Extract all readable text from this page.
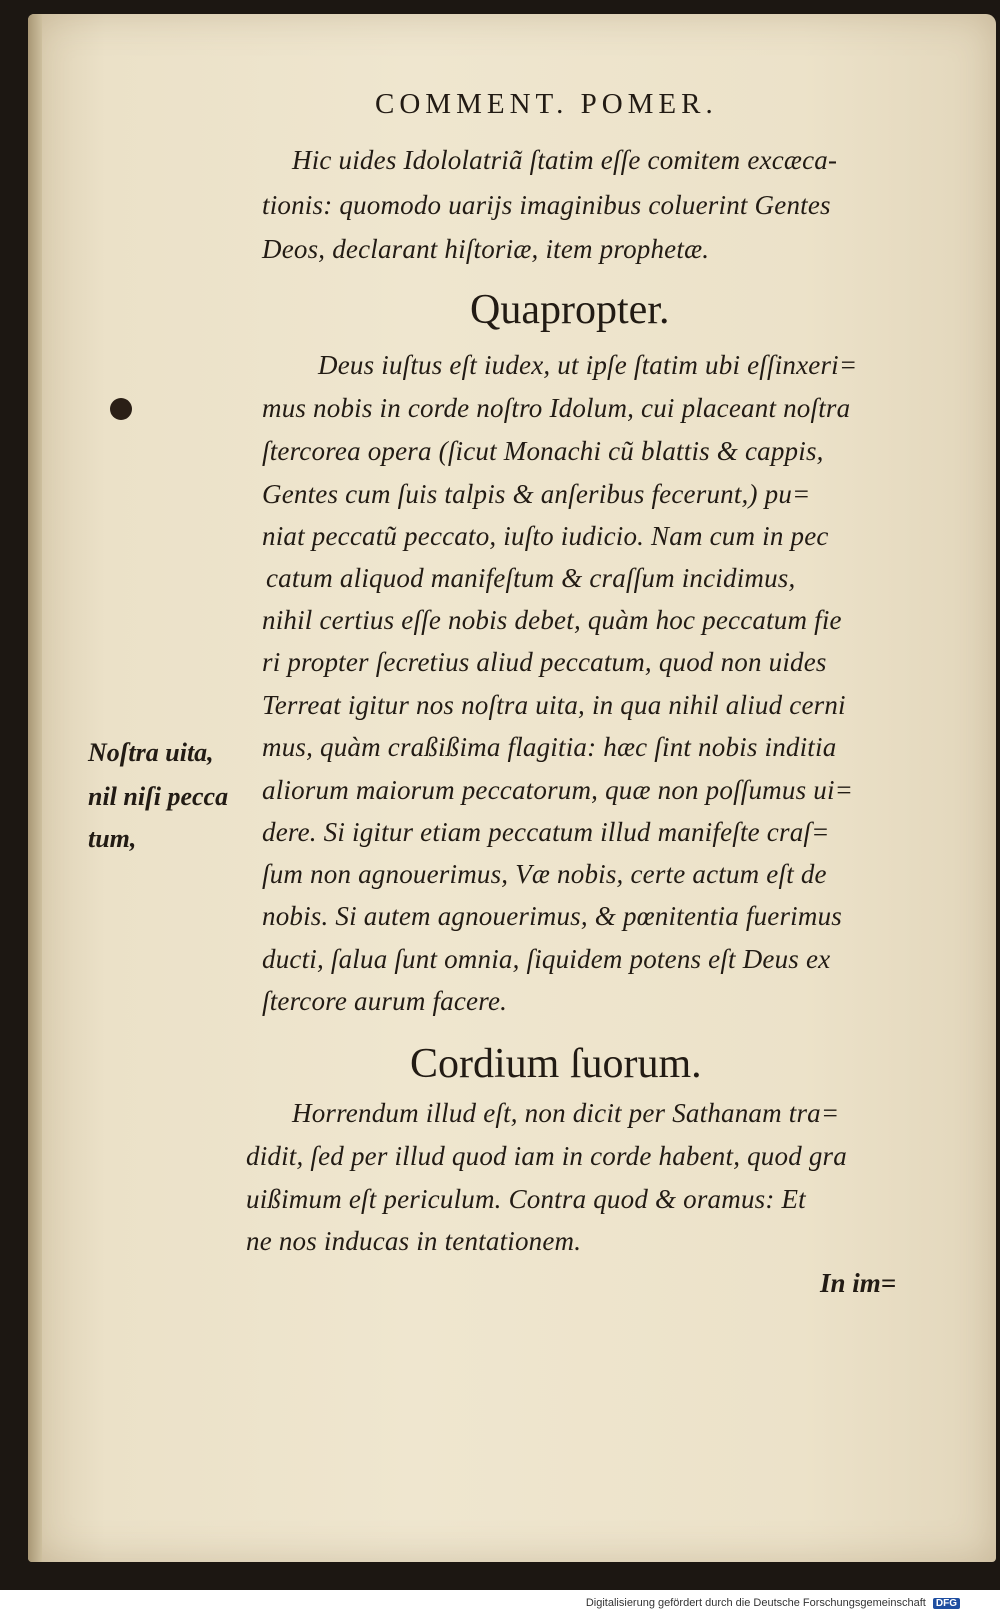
COMMENT. POMER.
Hic uides Idololatriã ſtatim eſſe comitem excæca-
tionis: quomodo uarijs imaginibus coluerint Gentes
Deos, declarant hiſtoriæ, item prophetæ.
Quapropter.
Deus iuſtus eſt iudex, ut ipſe ſtatim ubi eſſinxeri=
mus nobis in corde noſtro Idolum, cui placeant noſtra
ſtercorea opera (ſicut Monachi cũ blattis & cappis,
Gentes cum ſuis talpis & anſeribus fecerunt,) pu=
niat peccatũ peccato, iuſto iudicio. Nam cum in pec
catum aliquod manifeſtum & craſſum incidimus,
nihil certius eſſe nobis debet, quàm hoc peccatum fie
ri propter ſecretius aliud peccatum, quod non uides
Terreat igitur nos noſtra uita, in qua nihil aliud cerni
mus, quàm craßißima flagitia: hæc ſint nobis inditia
aliorum maiorum peccatorum, quæ non poſſumus ui=
dere. Si igitur etiam peccatum illud manifeſte craſ=
ſum non agnouerimus, Væ nobis, certe actum eſt de
nobis. Si autem agnouerimus, & pœnitentia fuerimus
ducti, ſalua ſunt omnia, ſiquidem potens eſt Deus ex
ſtercore aurum facere.
Cordium ſuorum.
Horrendum illud eſt, non dicit per Sathanam tra=
didit, ſed per illud quod iam in corde habent, quod gra
uißimum eſt periculum. Contra quod & oramus: Et
ne nos inducas in tentationem.
In im=
Noſtra uita,
nil niſi pecca
tum,
Digitalisierung gefördert durch die Deutsche Forschungsgemeinschaft DFG
